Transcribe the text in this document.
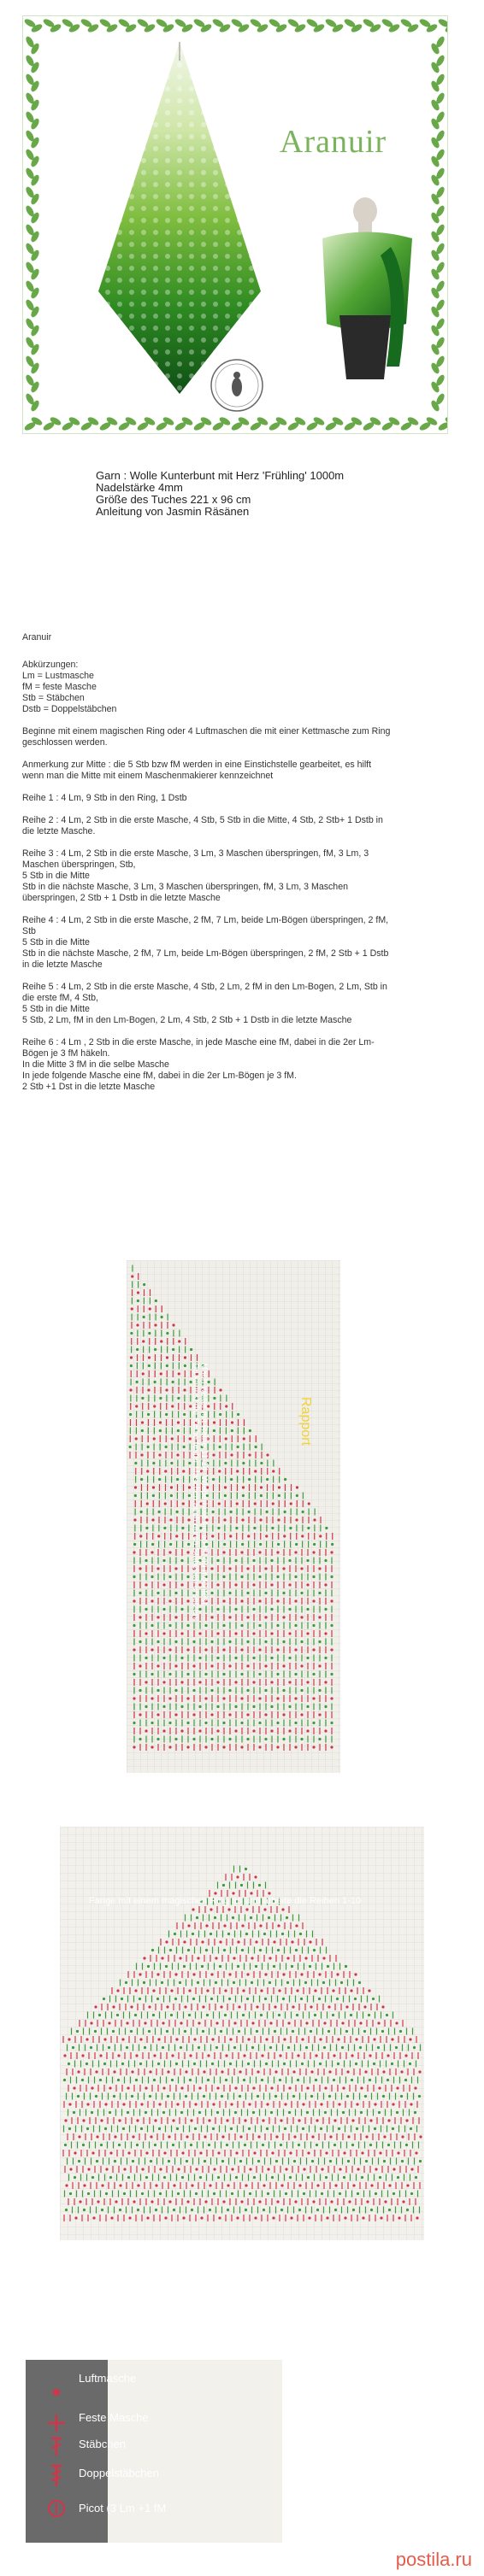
Aranuir
Garn : Wolle Kunterbunt mit Herz 'Frühling' 1000m
Nadelstärke 4mm
Größe des Tuches 221 x 96 cm
Anleitung von Jasmin Räsänen
Aranuir
Abkürzungen:
Lm = Lustmasche
fM = feste Masche
Stb = Stäbchen
Dstb = Doppelstäbchen
Beginne mit einem magischen Ring oder 4 Luftmaschen die mit einer Kettmasche zum Ring
geschlossen werden.
Anmerkung zur Mitte : die 5 Stb bzw fM werden in eine Einstichstelle gearbeitet, es hilft
wenn man die Mitte mit einem Maschenmakierer kennzeichnet
Reihe 1 : 4 Lm, 9 Stb in den Ring, 1 Dstb
Reihe 2 : 4 Lm, 2 Stb in die erste Masche, 4 Stb, 5 Stb in die Mitte, 4 Stb, 2 Stb+ 1 Dstb in
die letzte Masche.
Reihe 3 : 4 Lm, 2 Stb in die erste Masche, 3 Lm, 3 Maschen überspringen, fM, 3 Lm, 3
Maschen überspringen, Stb,
5 Stb in die Mitte
Stb in die nächste Masche, 3 Lm, 3 Maschen überspringen, fM, 3 Lm, 3 Maschen
überspringen, 2 Stb + 1 Dstb in die letzte Masche
Reihe 4 : 4 Lm, 2 Stb in die erste Masche, 2 fM, 7 Lm, beide Lm-Bögen überspringen, 2 fM,
Stb
5 Stb in die Mitte
Stb in die nächste Masche, 2 fM, 7 Lm, beide Lm-Bögen überspringen, 2 fM, 2 Stb + 1 Dstb
in die letzte Masche
Reihe 5 : 4 Lm, 2 Stb in die erste Masche, 4 Stb, 2 Lm, 2 fM in den Lm-Bogen, 2 Lm, Stb in
die erste fM, 4 Stb,
5 Stb in die Mitte
5 Stb, 2 Lm, fM in den Lm-Bogen, 2 Lm, 4 Stb, 2 Stb + 1 Dstb in die letzte Masche
Reihe 6 : 4 Lm , 2 Stb in die erste Masche, in jede Masche eine fM, dabei in die 2er Lm-
Bögen je 3 fM häkeln.
In die Mitte 3 fM in die selbe Masche
In jede folgende Masche eine fM, dabei in die 2er Lm-Bögen je 3 fM.
2 Stb +1 Dst in die letzte Masche
Mach weiter mit Reihe 11-14. Wiederhole sie so oft du möchtest.
Du kannst die Reihe fester Maschen auch durch Stäbchen ersetzen	Rapport
Fange mit einem magischen Ring an und arbeite die Reihen 1-10
Luftmasche
Feste Masche
Stäbchen
Doppelstäbchen
Picot (3 Lm +1 fM
postila.ru
